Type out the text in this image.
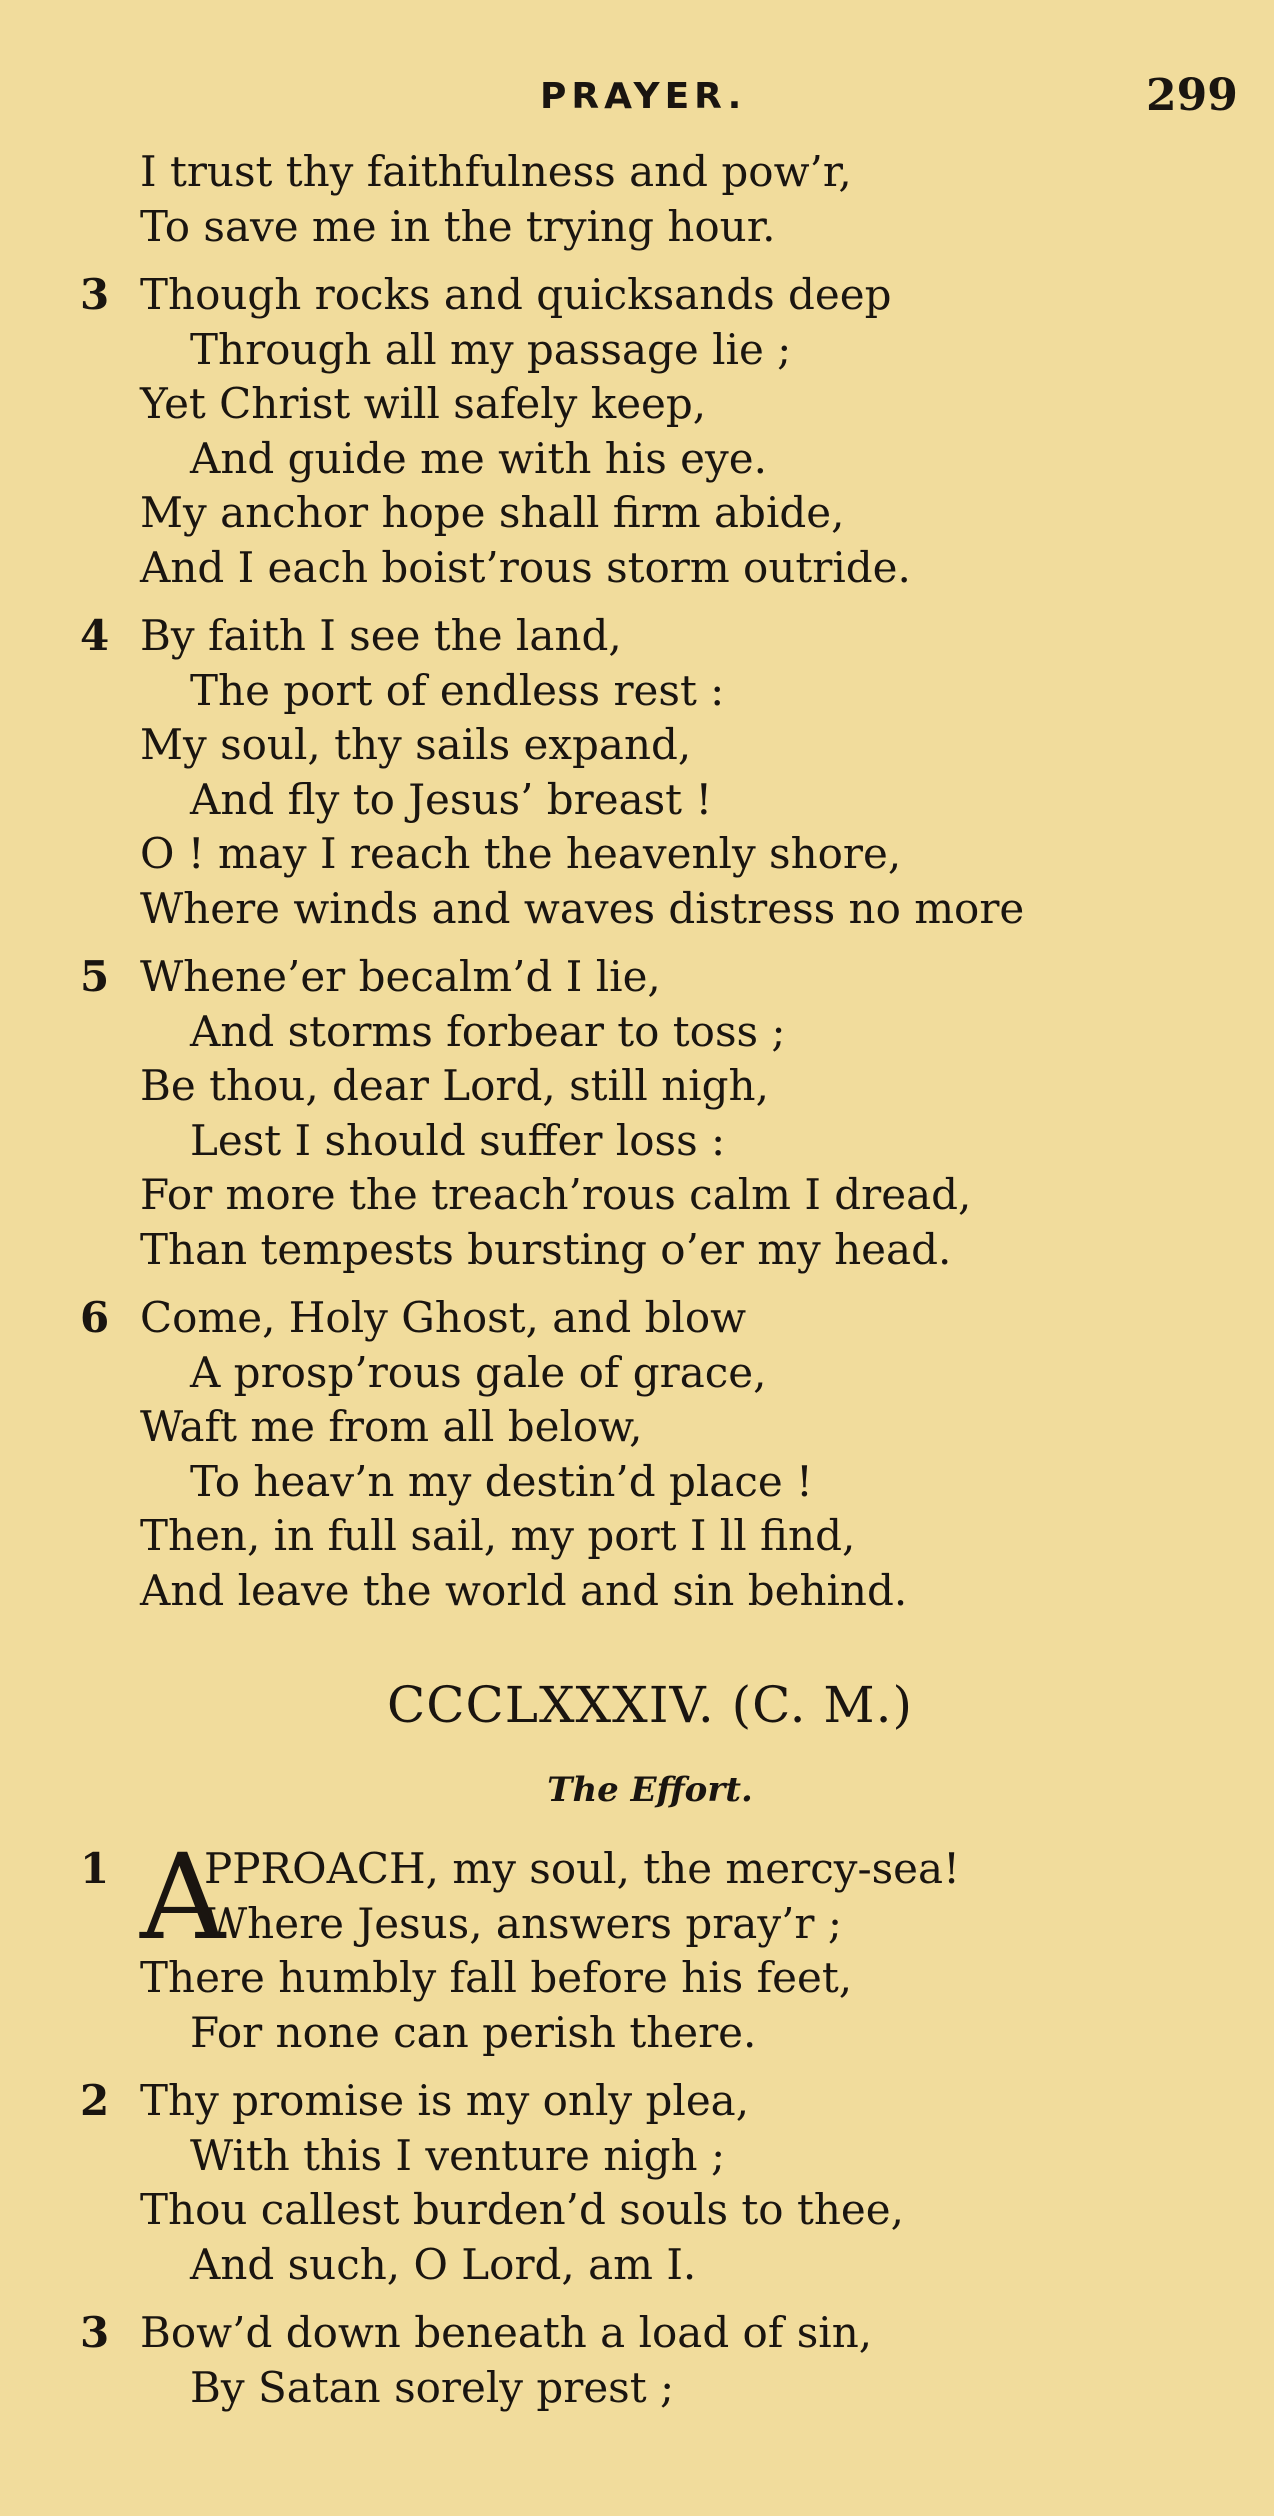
PRAYER.	299
I trust thy faithfulness and pow’r,
To save me in the trying hour.
3 Though rocks and quicksands deep
Through all my passage lie ;
Yet Christ will safely keep,
And guide me with his eye.
My anchor hope shall firm abide,
And I each boist’rous storm outride.
4 By faith I see the land,
The port of endless rest :
My soul, thy sails expand,
And fly to Jesus’ breast !
O ! may I reach the heavenly shore,
Where winds and waves distress no more
5 Whene’er becalm’d I lie,
And storms forbear to toss ;
Be thou, dear Lord, still nigh,
Lest I should suffer loss :
For more the treach’rous calm I dread,
Than tempests bursting o’er my head.
6 Come, Holy Ghost, and blow
A prosp’rous gale of grace,
Waft me from all below,
To heav’n my destin’d place !
Then, in full sail, my port I ll find,
And leave the world and sin behind.
CCCLXXXIV. (C. M.)
The Effort.
1 A
PPROACH, my soul, the mercy-sea!
Where Jesus, answers pray’r ;
There humbly fall before his feet,
For none can perish there.
2 Thy promise is my only plea,
With this I venture nigh ;
Thou callest burden’d souls to thee,
And such, O Lord, am I.
3 Bow’d down beneath a load of sin,
By Satan sorely prest ;
